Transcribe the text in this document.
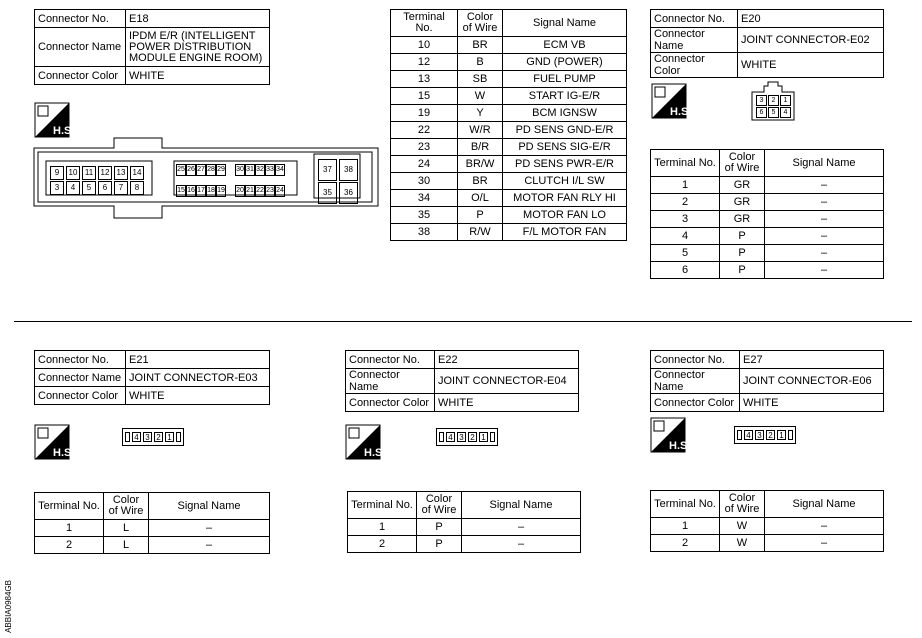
Connector No.	E18
Connector Name	IPDM E/R (INTELLIGENT POWER DISTRIBUTION MODULE ENGINE ROOM)
Connector Color	WHITE
H.S.
Terminal No.	Color of Wire	Signal Name
10	BR	ECM VB
12	B	GND (POWER)
13	SB	FUEL PUMP
15	W	START IG-E/R
19	Y	BCM IGNSW
22	W/R	PD SENS GND-E/R
23	B/R	PD SENS SIG-E/R
24	BR/W	PD SENS PWR-E/R
30	BR	CLUTCH I/L SW
34	O/L	MOTOR FAN RLY HI
35	P	MOTOR FAN LO
38	R/W	F/L MOTOR FAN
Connector No.	E20
Connector Name	JOINT CONNECTOR-E02
Connector Color	WHITE
H.S.
Terminal No.	Color of Wire	Signal Name
1	GR	–
2	GR	–
3	GR	–
4	P	–
5	P	–
6	P	–
Connector No.	E21
Connector Name	JOINT CONNECTOR-E03
Connector Color	WHITE
H.S.
4 3 2 1
Terminal No.	Color of Wire	Signal Name
1	L	–
2	L	–
Connector No.	E22
Connector Name	JOINT CONNECTOR-E04
Connector Color	WHITE
H.S.
4 3 2 1
Terminal No.	Color of Wire	Signal Name
1	P	–
2	P	–
Connector No.	E27
Connector Name	JOINT CONNECTOR-E06
Connector Color	WHITE
H.S.
4 3 2 1
Terminal No.	Color of Wire	Signal Name
1	W	–
2	W	–
ABBIA0984GB
9	10 11 12 13 14
3	4	5	6	7	8
25 26 27 28 29 30 31 32 33 34
15 16 17 18 19 20 21 22 23 24
37	38
35	36
3	2	1
6	5	4
